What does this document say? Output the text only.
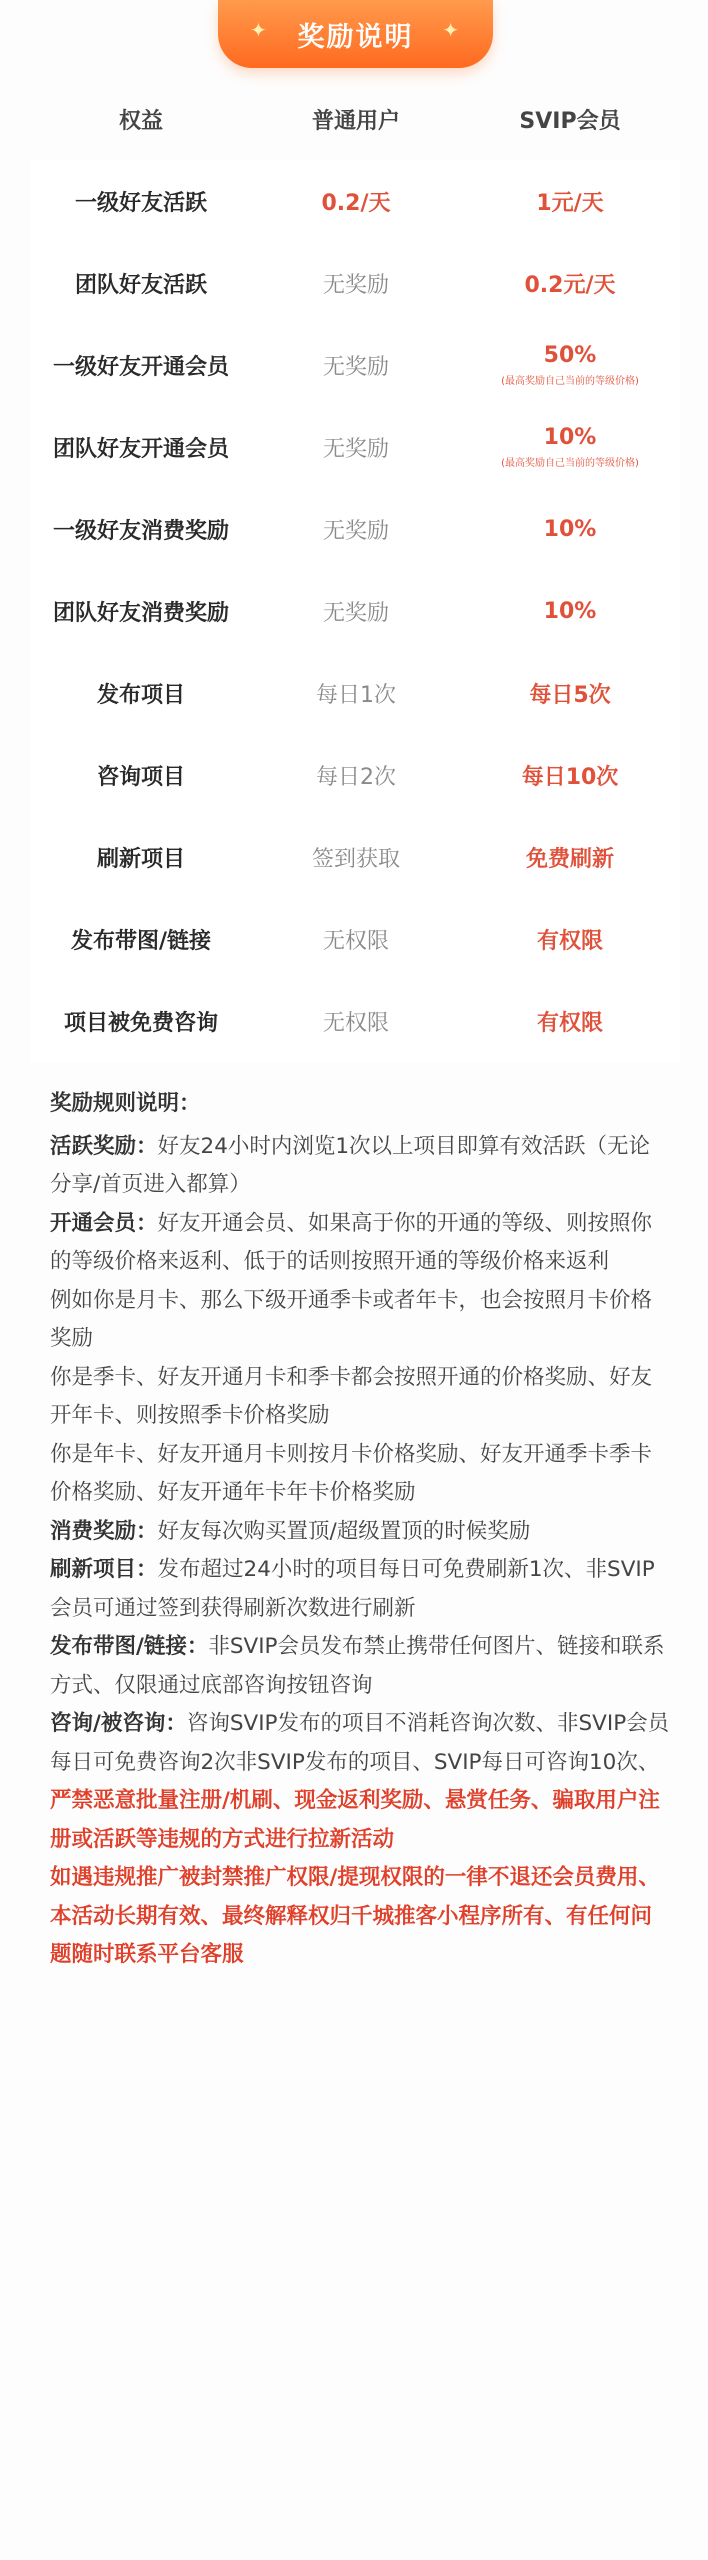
✦ 奖励说明 ✦
权益	普通用户	SVIP会员
一级好友活跃	0.2/天	1元/天
团队好友活跃	无奖励	0.2元/天
一级好友开通会员	无奖励	50%
(最高奖励自己当前的等级价格)
团队好友开通会员	无奖励	10%
(最高奖励自己当前的等级价格)
一级好友消费奖励	无奖励	10%
团队好友消费奖励	无奖励	10%
发布项目	每日1次	每日5次
咨询项目	每日2次	每日10次
刷新项目	签到获取	免费刷新
发布带图/链接	无权限	有权限
项目被免费咨询	无权限	有权限

奖励规则说明：

活跃奖励：好友24小时内浏览1次以上项目即算有效活跃（无论分享/首页进入都算）

开通会员：好友开通会员、如果高于你的开通的等级、则按照你的等级价格来返利、低于的话则按照开通的等级价格来返利

例如你是月卡、那么下级开通季卡或者年卡，也会按照月卡价格奖励

你是季卡、好友开通月卡和季卡都会按照开通的价格奖励、好友开年卡、则按照季卡价格奖励

你是年卡、好友开通月卡则按月卡价格奖励、好友开通季卡季卡价格奖励、好友开通年卡年卡价格奖励

消费奖励：好友每次购买置顶/超级置顶的时候奖励

刷新项目：发布超过24小时的项目每日可免费刷新1次、非SVIP会员可通过签到获得刷新次数进行刷新

发布带图/链接：非SVIP会员发布禁止携带任何图片、链接和联系方式、仅限通过底部咨询按钮咨询

咨询/被咨询：咨询SVIP发布的项目不消耗咨询次数、非SVIP会员每日可免费咨询2次非SVIP发布的项目、SVIP每日可咨询10次、

严禁恶意批量注册/机刷、现金返利奖励、悬赏任务、骗取用户注册或活跃等违规的方式进行拉新活动

如遇违规推广被封禁推广权限/提现权限的一律不退还会员费用、本活动长期有效、最终解释权归千城推客小程序所有、有任何问题随时联系平台客服
